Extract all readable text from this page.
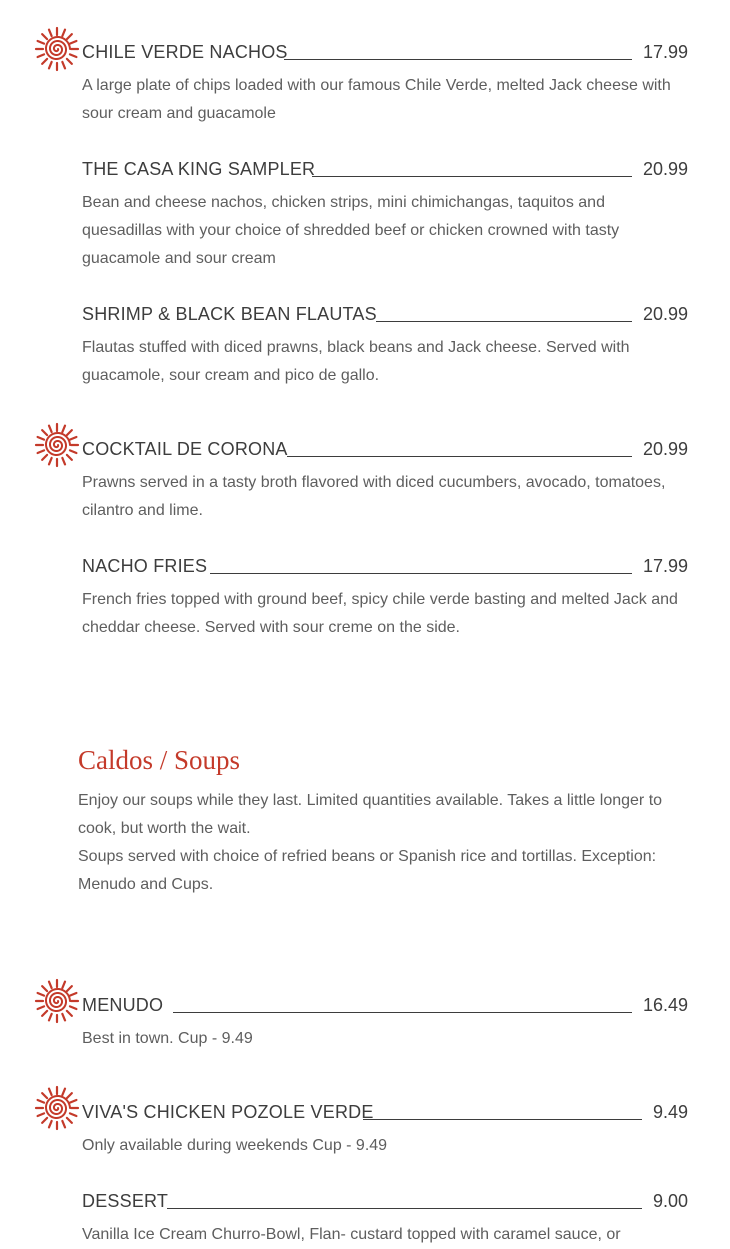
CHILE VERDE NACHOS	17.99
A large plate of chips loaded with our famous Chile Verde, melted Jack cheese with sour cream and guacamole
THE CASA KING SAMPLER	20.99
Bean and cheese nachos, chicken strips, mini chimichangas, taquitos and quesadillas with your choice of shredded beef or chicken crowned with tasty guacamole and sour cream
SHRIMP & BLACK BEAN FLAUTAS	20.99
Flautas stuffed with diced prawns, black beans and Jack cheese. Served with guacamole, sour cream and pico de gallo.
COCKTAIL DE CORONA	20.99
Prawns served in a tasty broth flavored with diced cucumbers, avocado, tomatoes, cilantro and lime.
NACHO FRIES	17.99
French fries topped with ground beef, spicy chile verde basting and melted Jack and cheddar cheese. Served with sour creme on the side.
Caldos / Soups

Enjoy our soups while they last. Limited quantities available. Takes a little longer to cook, but worth the wait.

Soups served with choice of refried beans or Spanish rice and tortillas. Exception: Menudo and Cups.

MENUDO	16.49
Best in town. Cup - 9.49
VIVA'S CHICKEN POZOLE VERDE	9.49
Only available during weekends Cup - 9.49
DESSERT	9.00
Vanilla Ice Cream Churro-Bowl, Flan- custard topped with caramel sauce, or
